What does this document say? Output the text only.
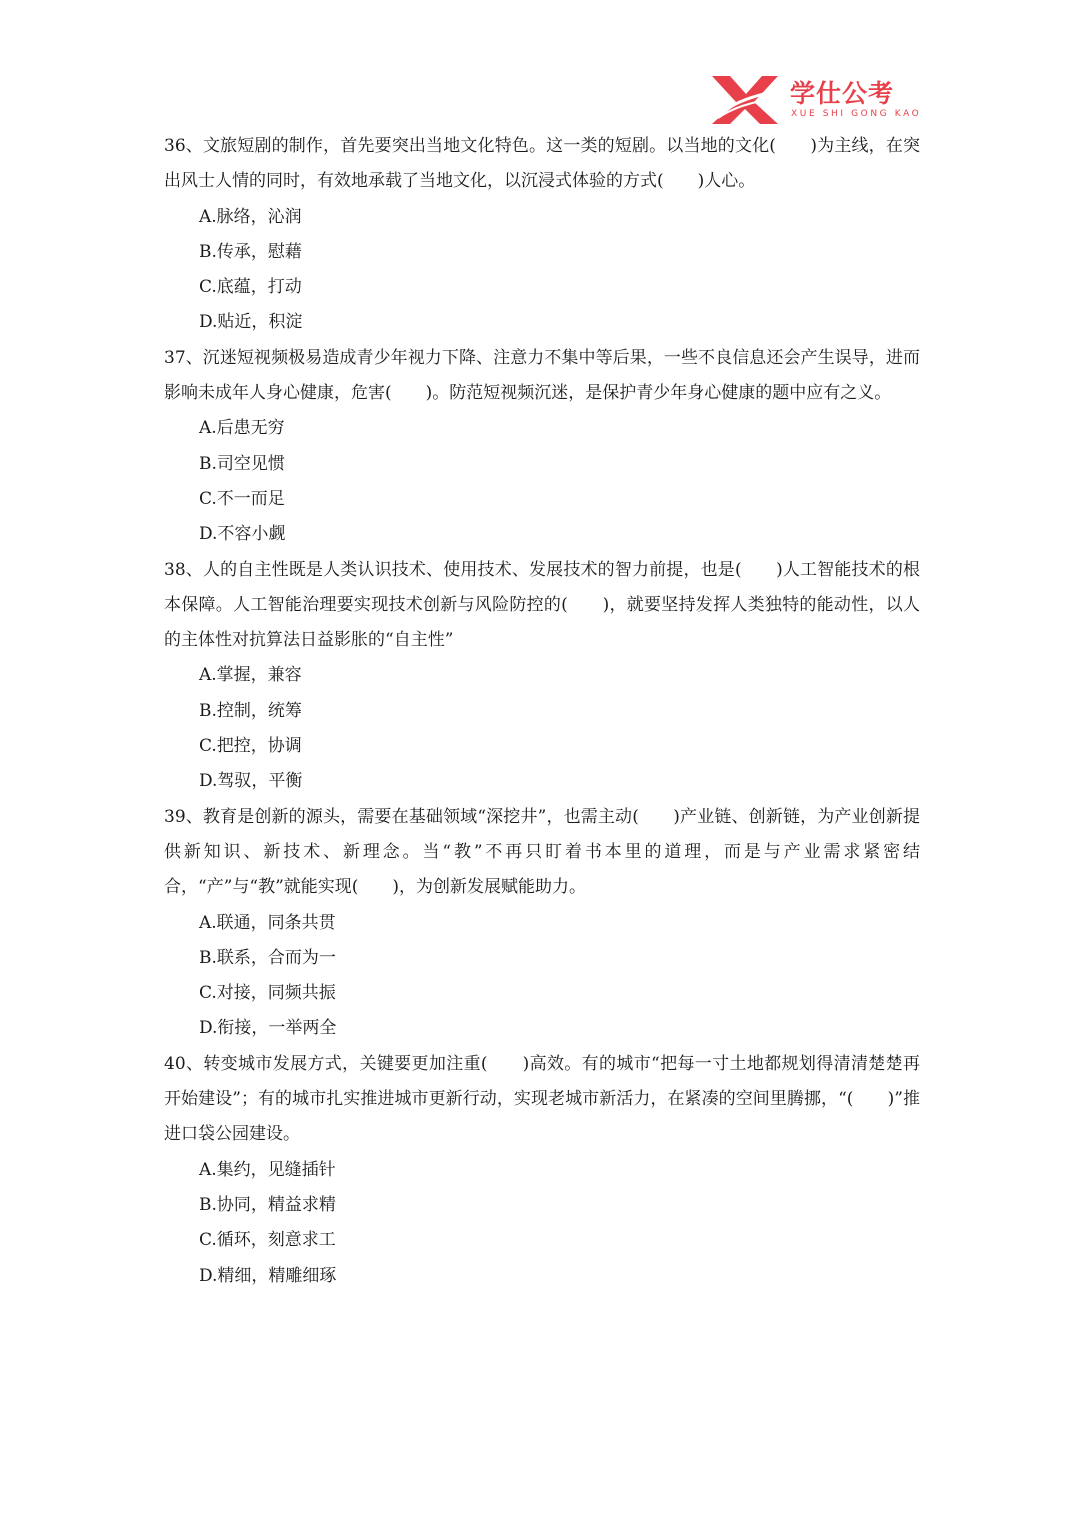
学仕公考
XUE SHI GONG KAO

36、文旅短剧的制作，首先要突出当地文化特色。这一类的短剧。以当地的文化(　　)为主线，在突出风士人情的同时，有效地承载了当地文化，以沉浸式体验的方式(　　)人心。

A.脉络，沁润
B.传承，慰藉
C.底蕴，打动
D.贴近，积淀

37、沉迷短视频极易造成青少年视力下降、注意力不集中等后果，一些不良信息还会产生误导，进而影响未成年人身心健康，危害(　　)。防范短视频沉迷，是保护青少年身心健康的题中应有之义。

A.后患无穷
B.司空见惯
C.不一而足
D.不容小觑

38、人的自主性既是人类认识技术、使用技术、发展技术的智力前提，也是(　　)人工智能技术的根本保障。人工智能治理要实现技术创新与风险防控的(　　)，就要坚持发挥人类独特的能动性，以人的主体性对抗算法日益影胀的“自主性”

A.掌握，兼容
B.控制，统筹
C.把控，协调
D.驾驭，平衡

39、教育是创新的源头，需要在基础领域“深挖井”，也需主动(　　)产业链、创新链，为产业创新提供新知识、新技术、新理念。当“教”不再只盯着书本里的道理，而是与产业需求紧密结合，“产”与“教”就能实现(　　)，为创新发展赋能助力。

A.联通，同条共贯
B.联系，合而为一
C.对接，同频共振
D.衔接，一举两全

40、转变城市发展方式，关键要更加注重(　　)高效。有的城市“把每一寸土地都规划得清清楚楚再开始建设”；有的城市扎实推进城市更新行动，实现老城市新活力，在紧凑的空间里腾挪，“(　　)”推进口袋公园建设。

A.集约，见缝插针
B.协同，精益求精
C.循环，刻意求工
D.精细，精雕细琢
